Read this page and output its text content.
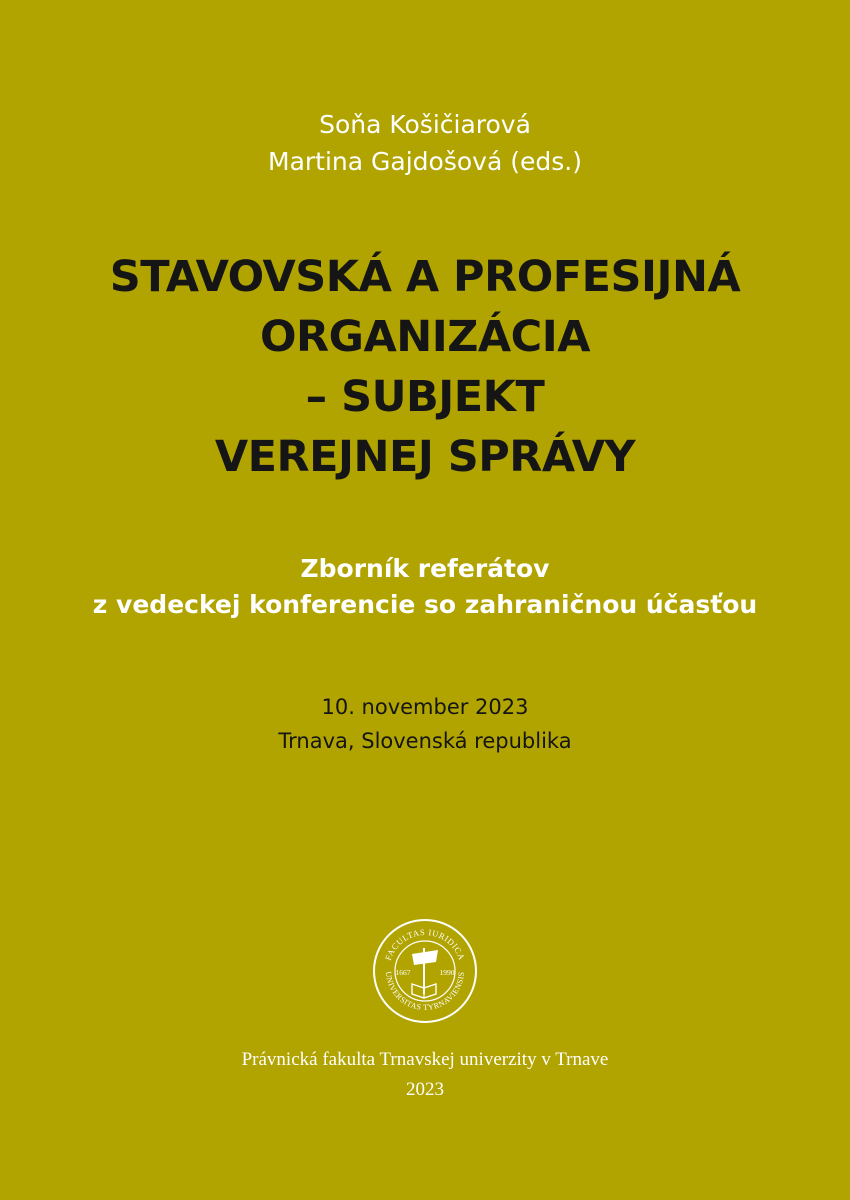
Soňa Košičiarová
Martina Gajdošová (eds.)
STAVOVSKÁ A PROFESIJNÁ
ORGANIZÁCIA
– SUBJEKT
VEREJNEJ SPRÁVY
Zborník referátov
z vedeckej konferencie so zahraničnou účasťou
10. november 2023
Trnava, Slovenská republika
FACULTAS IURIDICA
UNIVERSITAS TYRNAVIENSIS
1667	1990
Právnická fakulta Trnavskej univerzity v Trnave
2023
